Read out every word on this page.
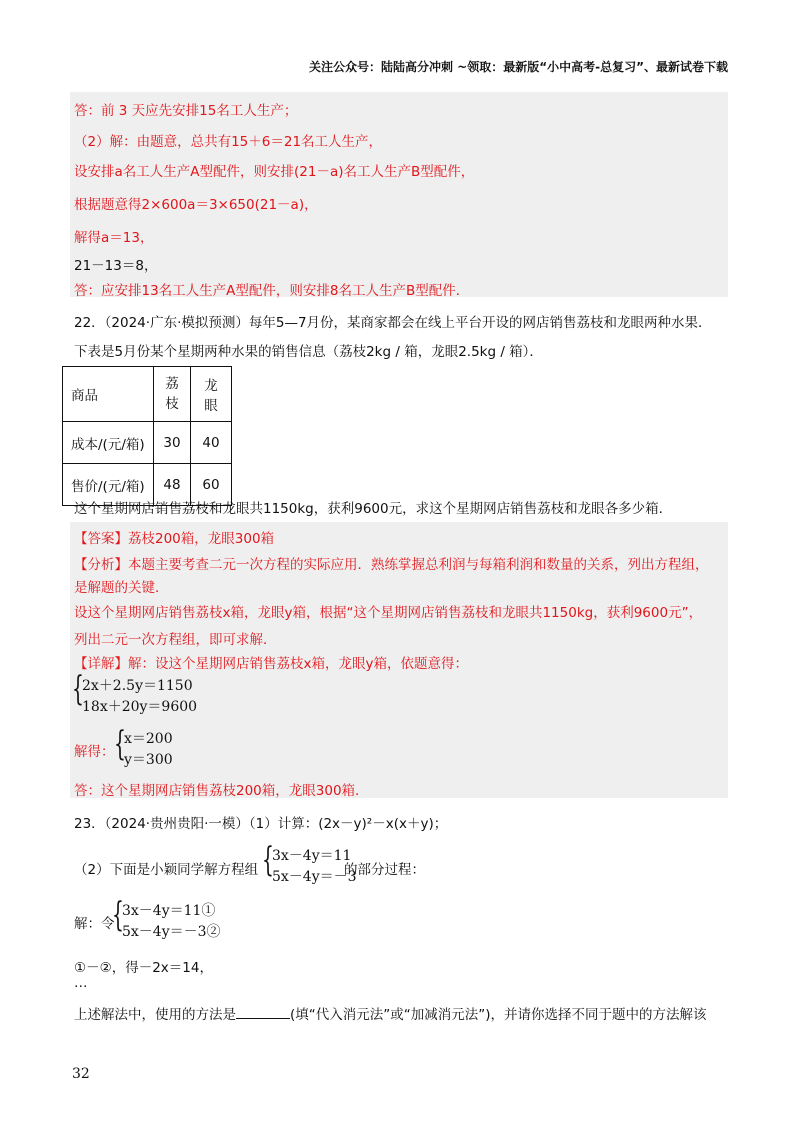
关注公众号：陆陆高分冲刺 ~领取：最新版“小中高考-总复习”、最新试卷下载
答：前 3 天应先安排15名工人生产；
（2）解：由题意，总共有15＋6＝21名工人生产，
设安排a名工人生产A型配件，则安排(21－a)名工人生产B型配件，
根据题意得2×600a＝3×650(21－a)，
解得a＝13，
21－13＝8，
答：应安排13名工人生产A型配件，则安排8名工人生产B型配件．
22．（2024·广东·模拟预测）每年5—7月份，某商家都会在线上平台开设的网店销售荔枝和龙眼两种水果．
下表是5月份某个星期两种水果的销售信息（荔枝2kg / 箱，龙眼2.5kg / 箱）．
商品	荔枝	龙眼
成本/(元/箱)	30	40
售价/(元/箱)	48	60
这个星期网店销售荔枝和龙眼共1150kg，获利9600元，求这个星期网店销售荔枝和龙眼各多少箱．
【答案】荔枝200箱，龙眼300箱
【分析】本题主要考查二元一次方程的实际应用．熟练掌握总利润与每箱利润和数量的关系，列出方程组，
是解题的关键．
设这个星期网店销售荔枝x箱，龙眼y箱，根据“这个星期网店销售荔枝和龙眼共1150kg，获利9600元”，
列出二元一次方程组，即可求解．
【详解】解：设这个星期网店销售荔枝x箱，龙眼y箱，依题意得：
{
2x＋2.5y＝1150
18x＋20y＝9600
解得： {
x＝200
y＝300
答：这个星期网店销售荔枝200箱，龙眼300箱．
23．（2024·贵州贵阳·一模）（1）计算：(2x－y)²－x(x＋y)；
（2）下面是小颖同学解方程组 {
3x－4y＝11
5x－4y＝－3
的部分过程：
解：令
{
3x－4y＝11①
5x－4y＝－3②
①－②，得－2x＝14，
…
上述解法中，使用的方法是	(填“代入消元法”或“加减消元法”)，并请你选择不同于题中的方法解该
32
